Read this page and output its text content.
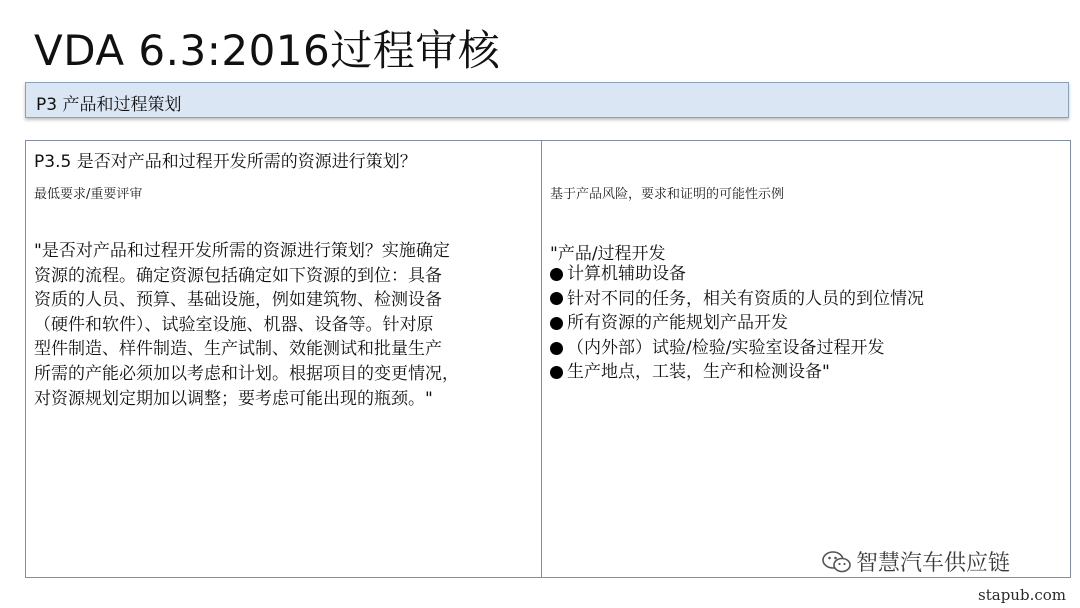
VDA 6.3:2016过程审核
P3 产品和过程策划
P3.5 是否对产品和过程开发所需的资源进行策划？
最低要求/重要评审
"是否对产品和过程开发所需的资源进行策划？实施确定
资源的流程。确定资源包括确定如下资源的到位：具备
资质的人员、预算、基础设施，例如建筑物、检测设备
（硬件和软件）、试验室设施、机器、设备等。针对原
型件制造、样件制造、生产试制、效能测试和批量生产
所需的产能必须加以考虑和计划。根据项目的变更情况，
对资源规划定期加以调整；要考虑可能出现的瓶颈。"
基于产品风险，要求和证明的可能性示例
"产品/过程开发
计算机辅助设备
针对不同的任务，相关有资质的人员的到位情况
所有资源的产能规划产品开发
（内外部）试验/检验/实验室设备过程开发
生产地点，工装，生产和检测设备"
智慧汽车供应链
stapub.com
